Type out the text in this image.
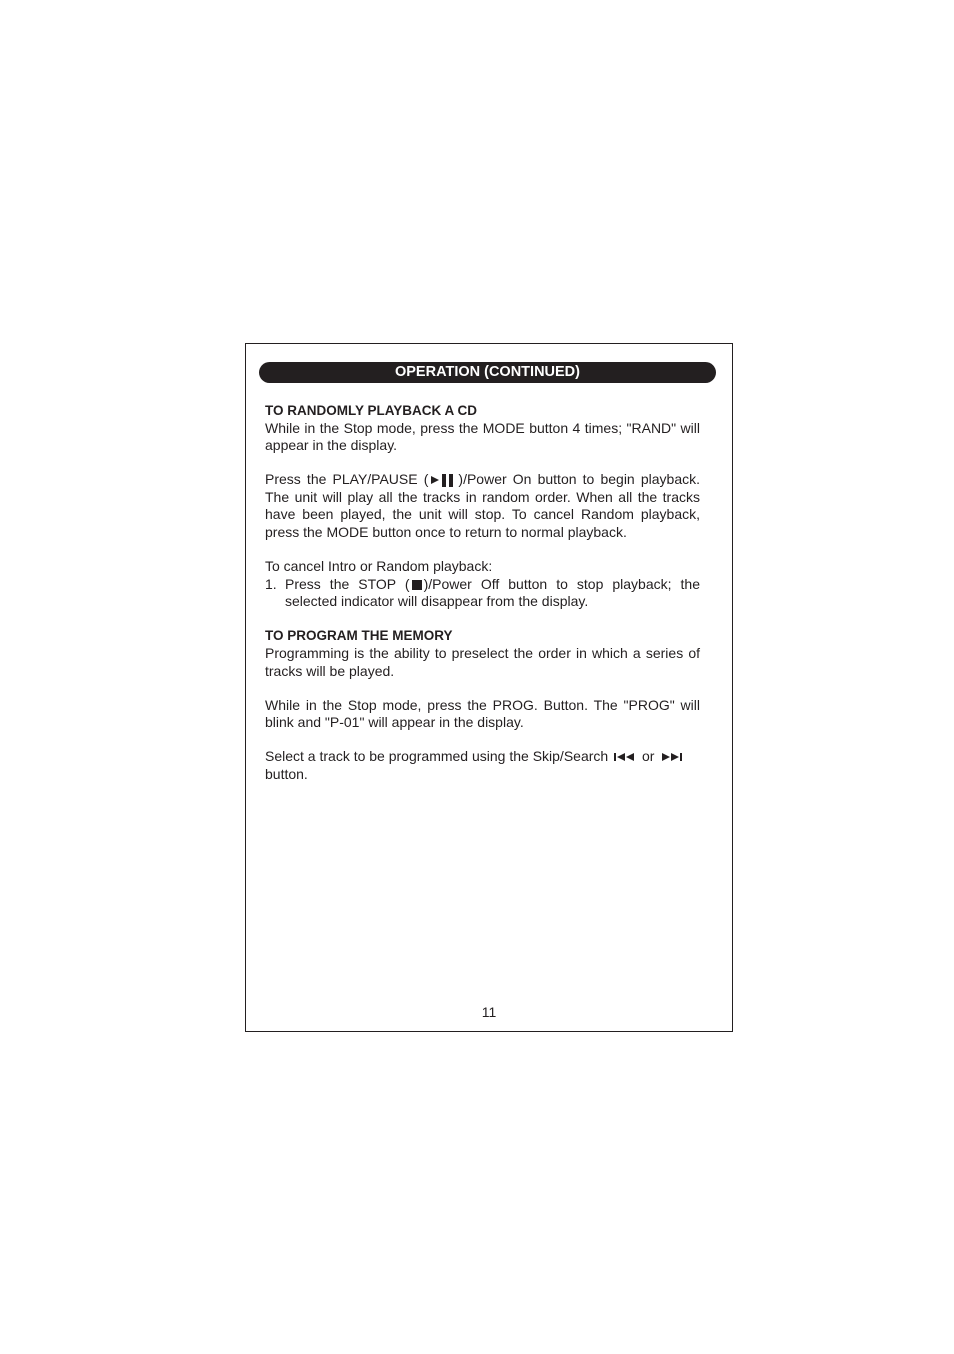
OPERATION (CONTINUED)
TO RANDOMLY PLAYBACK A CD

While in the Stop mode, press the MODE button 4 times; "RAND" will appear in the display.

Press the PLAY/PAUSE ( )/Power On button to begin playback. The unit will play all the tracks in random order. When all the tracks have been played, the unit will stop. To cancel Random playback, press the MODE button once to return to normal playback.

To cancel Intro or Random playback:

1. Press the STOP ( )/Power Off button to stop playback; the selected indicator will disappear from the display.
TO PROGRAM THE MEMORY

Programming is the ability to preselect the order in which a series of tracks will be played.

While in the Stop mode, press the PROG. Button. The "PROG" will blink and "P-01" will appear in the display.

Select a track to be programmed using the Skip/Search  or
button.

11
